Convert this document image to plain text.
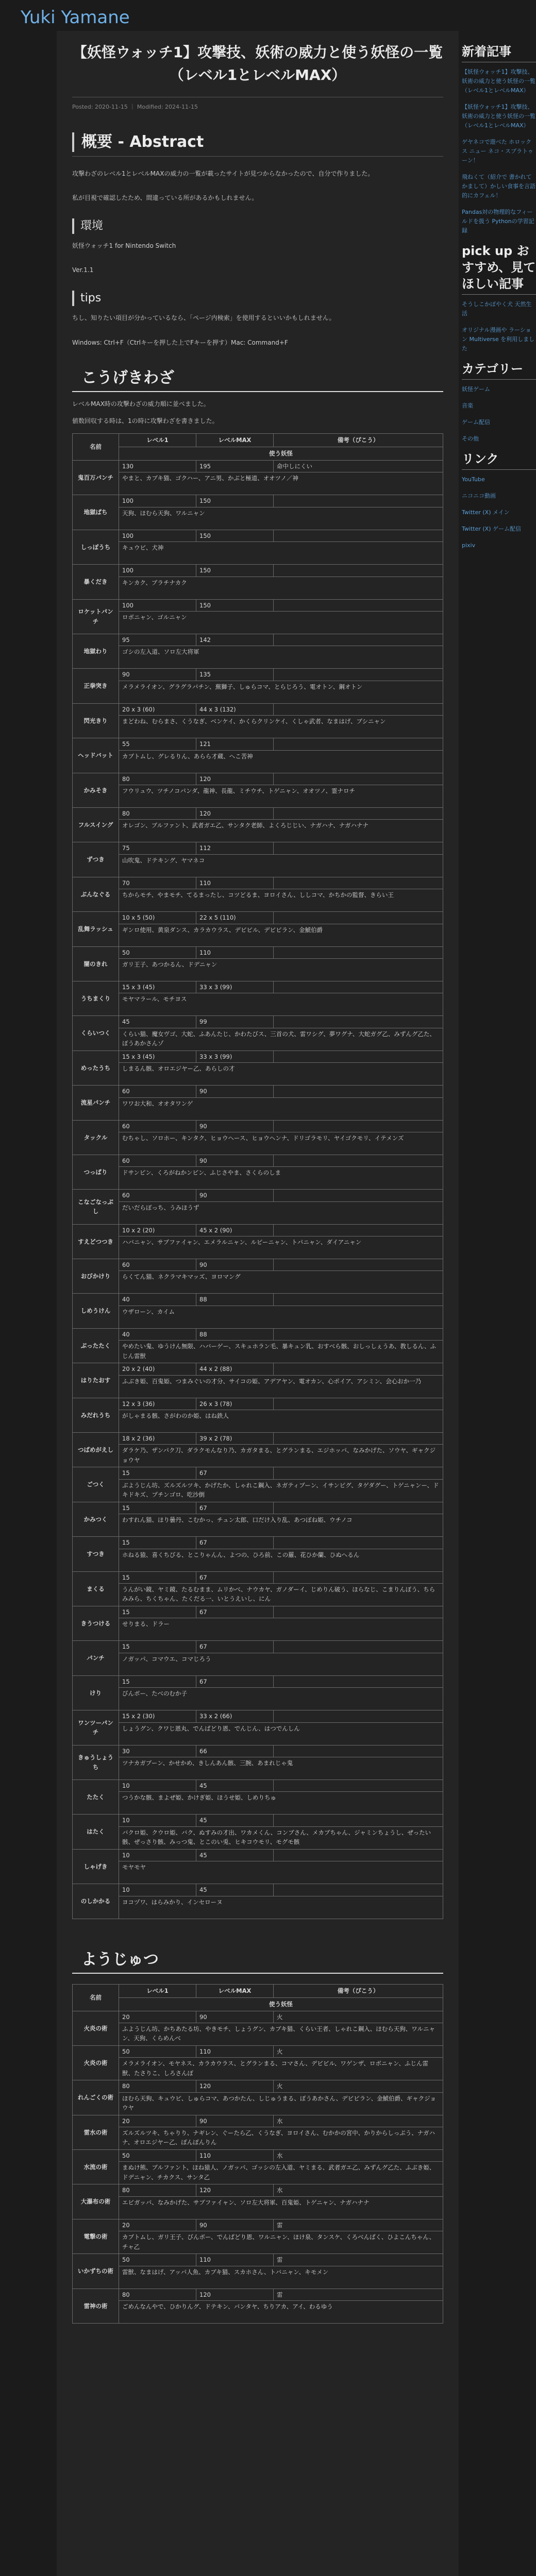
Yuki Yamane
【妖怪ウォッチ1】攻撃技、妖術の威力と使う妖怪の一覧（レベル1とレベルMAX）
Posted: 2020-11-15 ｜ Modified: 2024-11-15
概要 - Abstract

攻撃わざのレベル1とレベルMAXの威力の一覧が載ったサイトが見つからなかったので、自分で作りました。

私が目視で確認したため、間違っている所があるかもしれません。

環境

妖怪ウォッチ1 for Nintendo Switch

Ver.1.1

tips

ちし、知りたい項目が分かっているなら、「ページ内検索」を使用するといいかもしれません。

Windows: Ctrl+F（Ctrlキーを押した上でFキーを押す）Mac: Command+F

こうげきわざ

レベルMAX時の攻撃わざの威力順に並べました。

値数回収する時は、1の時に攻撃わざを書きました。

名前	レベル1	レベルMAX	備考（ぴこう）
	使う妖怪		
鬼百万パンチ	130	195	命中しにくい
	やまと、カブキ猫、ゴクハー、アニ男、かぶと極道、オオツノ／神		
地獄ぱち	100	150	
	天狗、ほむら天狗、ワルニャン		
しっぽうち	100	150	
	キュウビ、犬神		
暴くだき	100	150	
	キンカク、ブラチナカク		
ロケットパンチ	100	150	
	ロボニャン、ゴルニャン		
地獄わり	95	142	
	ゴシの左入道、ソロ左大将軍		
正拳突き	90	135	
	メラメライオン、グラグラパチン、蕪獅子、しゅらコマ、とらじろう、電オトン、鋼オトン		
閃光きり	20 x 3 (60)	44 x 3 (132)	
	まどわね、むらまさ、くうなぎ、ベンケイ、かくらクリンケイ、くしゃ武者、なまはげ、ブシニャン		
ヘッドバット	55	121	
	カブトムし、グレるりん、あらら才蔵、へこ苦神		
かみそき	80	120	
	フウリュウ、ツチノコパンダ、龍神、長龍、ミチウチ、トゲニャン、オオツノ、霊ナロチ		
フルスイング	80	120	
	オレゴン、ブルファント、武者ガエ乙、サンタク老師、よくろじじい、ナガハナ、ナガハナナ		
ずつき	75	112	
	山吹鬼、ドテキング、ヤマネコ		
ぶんなぐる	70	110	
	ちからモチ、やまモチ、てるまったし、コツどるま、ヨロイさん、ししコマ、かちかの監督、きらい王		
乱舞ラッシュ	10 x 5 (50)	22 x 5 (110)	
	ギンロ使用、黄泉ダンス、カラカウラス、デビビル、デビピラン、金鯱伯爵		
闇のきれ	50	110	
	ガリ王子、あつかるん、ドデニャン		
うちまくり	15 x 3 (45)	33 x 3 (99)	
	モヤマラール、モチヨス		
くらいつく	45	99	
	くらい猫、魔女ヴゴ、大蛇、ふあんたじ、かわたびス、三首の犬、雷ワシグ、夢ワグナ、大蛇ガグ乙、みずんグ乙た、ぼうあかさんゾ		
めったうち	15 x 3 (45)	33 x 3 (99)	
	しまるん骸、オロエジヤー乙、あらしの才		
流星パンチ	60	90	
	ワワお大和、オオタワンゲ		
タックル	60	90	
	むちゃし、ソロホー、キンタク、ヒョウヘース、ヒョウヘンナ、ドリゴラモリ、ヤイゴクモリ、イテメンズ		
つっぱり	60	90	
	ドサンピン、くろがねかンピン、ふじさやま、さくらのしま		
こなごなっぷし	60	90	
	だいだらぼっち、うみほうず		
すえどつつき	10 x 2 (20)	45 x 2 (90)	
	ハバニャン、サブファイャン、エメラルニャン、ルビーニャン、トパニャン、ダイアニャン		
おびかけり	60	90	
	らくてん猫、ネクラマキマッズ、ヨロマング		
しめうけん	40	88	
	ウザローン、カイム		
ぶったたく	40	88	
	やめたい鬼、ゆうけん無限、ハバーゲー、スキュホラン毛、暴キュン乳、おすべら骸、おしっしぇうあ、教しるん、ふじん雷獣		
はりたおす	20 x 2 (40)	44 x 2 (88)	
	ふぶき姫、百鬼姫、つまみぐいの才分、サイコの姫、アデアヤン、電オカン、心ポイア、アシミン、会心おか一乃		
みだれうち	12 x 3 (36)	26 x 3 (78)	
	がしゃまる骸、さがわのか姫、はね鉄人		
つばめがえし	18 x 2 (36)	39 x 2 (78)	
	ダラケ乃、ザンパク刀、ダラクモんなり乃、カガタまる、とグランまる、エジホッパ、なみかげた、ソウヤ、ギャクジョウヤ		
ごつく	15	67	
	ぶようじん坊、ズルズルツキ、かげたか、しゃれこ鋼入、ネガティブーン、イサンピグ、タゲダグー、トゲニャンー、ドキドキズ、プチンゴロ、吃沙倒		
かみつく	15	67	
	わすれん猫、ほり曇丹、こむかっ、チュン太郎、口だけ入り乱、あつぼね姫、ウチノコ		
すつき	15	67	
	ホねる猿、喜くちびる、とこりゃんん、よつの、ひろ前、この羅、花ひか蘭、ひぬへるん		
まくる	15	67	
	うんがい鏡、ヤミ鏡、たるむまま、ムリかべ、ナウカヤ、ガノダーイ、じめりん破う、ほらなじ、こまりんぼう、ちらみみら、ちくちゃん、たくだる一、いとうえいし、にん		
きうつける	15	67	
	せりまる、ドラー		
パンチ	15	67	
	ノガッパ、コマウエ、コマじろう		
けり	15	67	
	びんボー、たべのむか子		
ワンツーパンチ	15 x 2 (30)	33 x 2 (66)	
	しょうグン、クワじ恩丸、でんぱどり恩、でんじん、はつでんしん		
きゅうしょうち	30	66	
	ツナカガブーン、かせかめ、きしんあん骸、三腕、あまれじゃ鬼		
たたく	10	45	
	つうかな骸、まよぜ姫、かけぎ姫、ほうせ姫、しめりちゅ		
はたく	10	45	
	バクロ姫、クウロ姫、バク、ぬすみの才出、ワカメくん、コンブさん、メカブちゃん、ジャミンちょうし、ぜったい骸、ぜっさり骸、みっつ鬼、とこのい兎、ヒキコウモリ、モグモ骸		
しゃげき	10	45	
	モヤモヤ		
のしかかる	10	45	
	ヨコヅワ、はらみかり、インセローヌ		
ようじゅつ
名前	レベル1	レベルMAX	備考（ぴこう）
	使う妖怪		
火炎の術	20	90	火
	ふようじん坊、かちあたる坊、やきモチ、しょうグン、カブキ猫、くらい王者、しゃれこ鋼入、ほむら天狗、ワルニャン、天狗、くらめんべ		
火炎の術	50	110	火
	メラメライオン、モヤネス、カラカウラス、とグランまる、コマさん、デビビル、ワゲンザ、ロボニャン、ふじん雷獣、たさりこ、しろさんぽ		
れんごくの術	80	120	火
	ほむら天狗、キュウビ、しゅらコマ、あつかたん、しじゅうまる、ぼうあかさん、デビピラン、金鯱伯爵、ギャクジョウヤ		
雷水の術	20	90	水
	ズルズルツキ、ちゃりり、ナギレン、ぐーたら乙、くうなぎ、ヨロイさん、むかかの宮中、かりからしっぷう、ナガハナ、オロエジヤー乙、ぽんぽんりん		
水流の術	50	110	水
	まぬけ熊、ブルファント、ほね猿人、ノガッパ、ゴッシの左入道、ヤミまる、武者ガエ乙、みずんグ乙た、ふぶき姫、ドデニャン、チカクス、サンタ乙		
大瀑布の術	80	120	水
	エビガッパ、なみかげた、サブファイャン、ソロ左大将軍、百鬼姫、トゲニャン、ナガハナナ		
電撃の術	20	90	雷
	カブトムし、ガリ王子、びんボー、でんぱどり恩、ワルニャン、ほけ泉、タンスケ、くろべんばく、ひよこんちゃん、チャ乙		
いかずちの術	50	110	雷
	雷獣、なまはげ、アッパ人魚、カブキ猫、スカホさん、トバニャン、キモメン		
雷神の術	80	120	雷
	ごめんなんやで、ひかりんグ、ドテキン、パンタヤ、ちりアカ、アイ、わるゆう		
新着記事
【妖怪ウォッチ1】攻撃技、妖術の威力と使う妖怪の一覧（レベル1とレベルMAX）
【妖怪ウォッチ1】攻撃技、妖術の威力と使う妖怪の一覧（レベル1とレベルMAX）
ゲヤネコで遊べた ホロックス ニュー ネコ・スプラトゥーン！
飛ねくて（紹介で 書かれてかまして）かしい食事を言語的にカフェル！
Pandas対の物理的なフィールドを扱う Pythonの学習記録
pick up おすすめ、見てほしい記事
そうしこかぼやく犬 天然生活
オリジナル漫画や ラーション Multiverse を利用しました
カテゴリー
妖怪ゲーム
音楽
ゲーム配信
その他
リンク
YouTube
ニコニコ動画
Twitter (X) メイン
Twitter (X) ゲーム配信
pixiv
